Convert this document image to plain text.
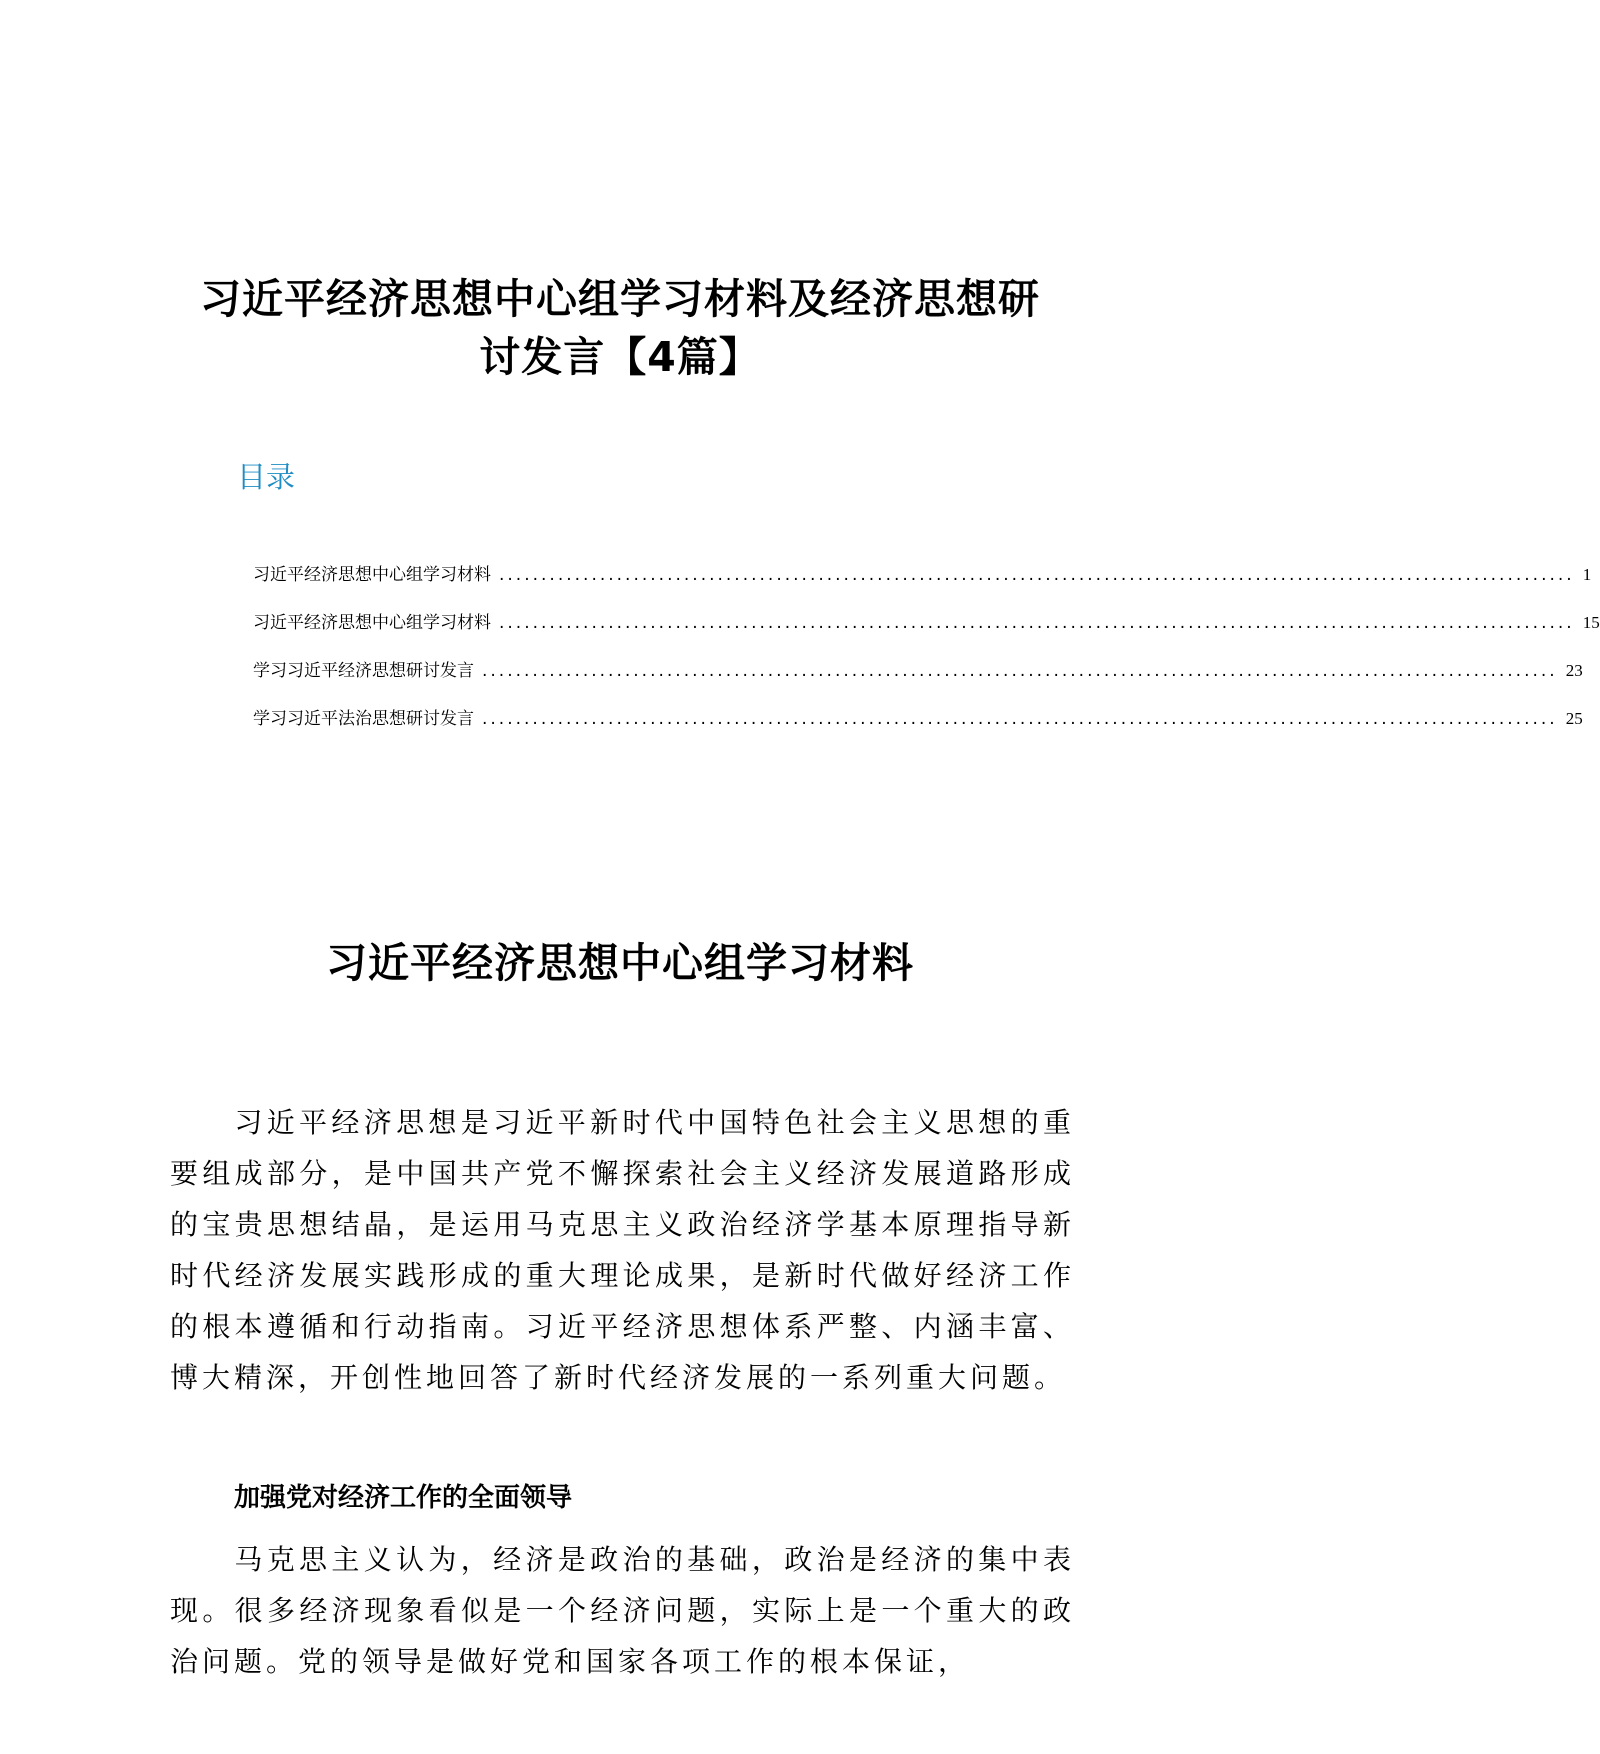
习近平经济思想中心组学习材料及经济思想研
讨发言【4篇】
目录
习近平经济思想中心组学习材料 ................................................................................................................................ 1
习近平经济思想中心组学习材料 ................................................................................................................................ 15
学习习近平经济思想研讨发言 ................................................................................................................................ 23
学习习近平法治思想研讨发言 ................................................................................................................................ 25
习近平经济思想中心组学习材料
习近平经济思想是习近平新时代中国特色社会主义思想的重要组成部分，是中国共产党不懈探索社会主义经济发展道路形成的宝贵思想结晶，是运用马克思主义政治经济学基本原理指导新时代经济发展实践形成的重大理论成果，是新时代做好经济工作的根本遵循和行动指南。习近平经济思想体系严整、内涵丰富、博大精深，开创性地回答了新时代经济发展的一系列重大问题。
加强党对经济工作的全面领导
马克思主义认为，经济是政治的基础，政治是经济的集中表现。很多经济现象看似是一个经济问题，实际上是一个重大的政治问题。党的领导是做好党和国家各项工作的根本保证，
